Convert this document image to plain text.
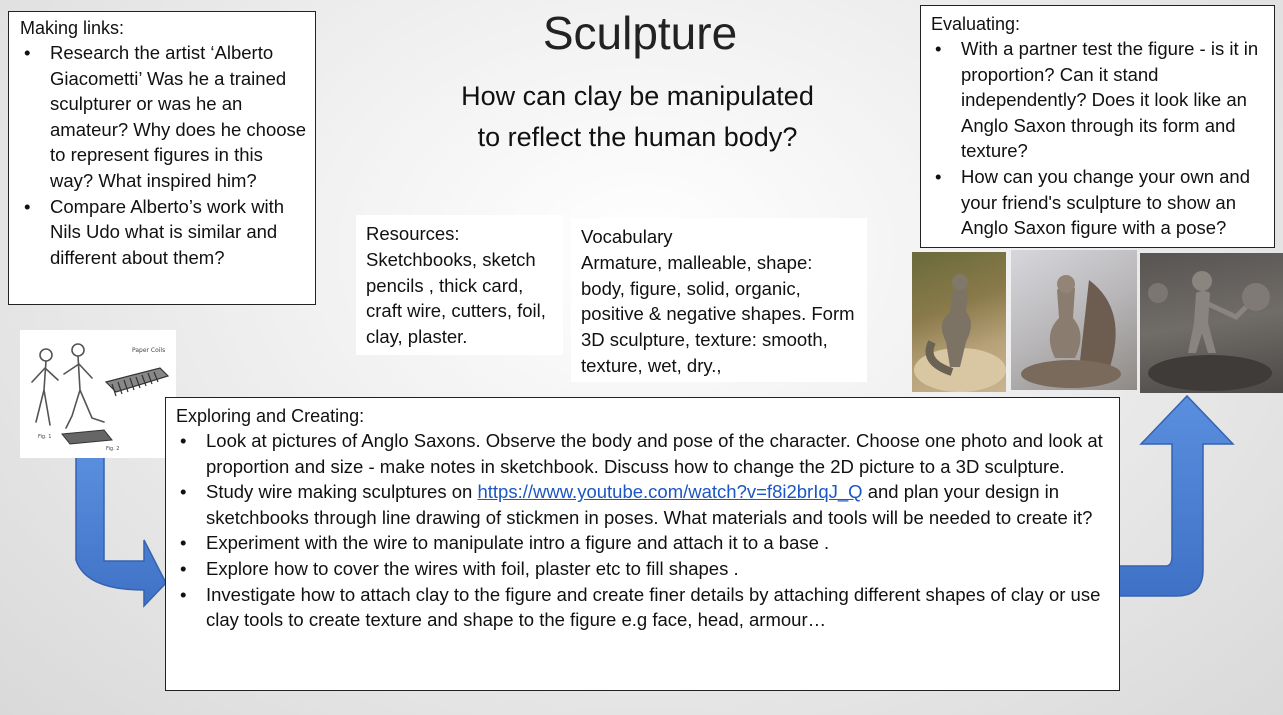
Sculpture
How can clay be manipulated to reflect the human body?
Making links:
• Research the artist ‘Alberto Giacometti’ Was he a trained sculpturer or was he an amateur? Why does he choose to represent figures in this way? What inspired him?
• Compare Alberto’s work with Nils Udo what is similar and different about them?
Resources:
Sketchbooks, sketch pencils , thick card, craft wire, cutters, foil, clay, plaster.
Vocabulary
Armature, malleable, shape: body, figure, solid, organic, positive & negative shapes. Form 3D sculpture, texture: smooth, texture, wet, dry.,
Evaluating:
• With a partner test the figure - is it in proportion? Can it stand independently? Does it look like an Anglo Saxon through its form and texture?
• How can you change your own and your friend's sculpture to show an Anglo Saxon figure with a pose?
Paper Coils
Fig. 1
Fig. 2
Exploring and Creating:
• Look at pictures of Anglo Saxons. Observe the body and pose of the character. Choose one photo and look at proportion and size - make notes in sketchbook. Discuss how to change the 2D picture to a 3D sculpture.
• Study wire making sculptures on https://www.youtube.com/watch?v=f8i2brIqJ_Q and plan your design in sketchbooks through line drawing of stickmen in poses. What materials and tools will be needed to create it?
• Experiment with the wire to manipulate intro a figure and attach it to a base .
• Explore how to cover the wires with foil, plaster etc to fill shapes .
• Investigate how to attach clay to the figure and create finer details by attaching different shapes of clay or use clay tools to create texture and shape to the figure e.g face, head, armour…
